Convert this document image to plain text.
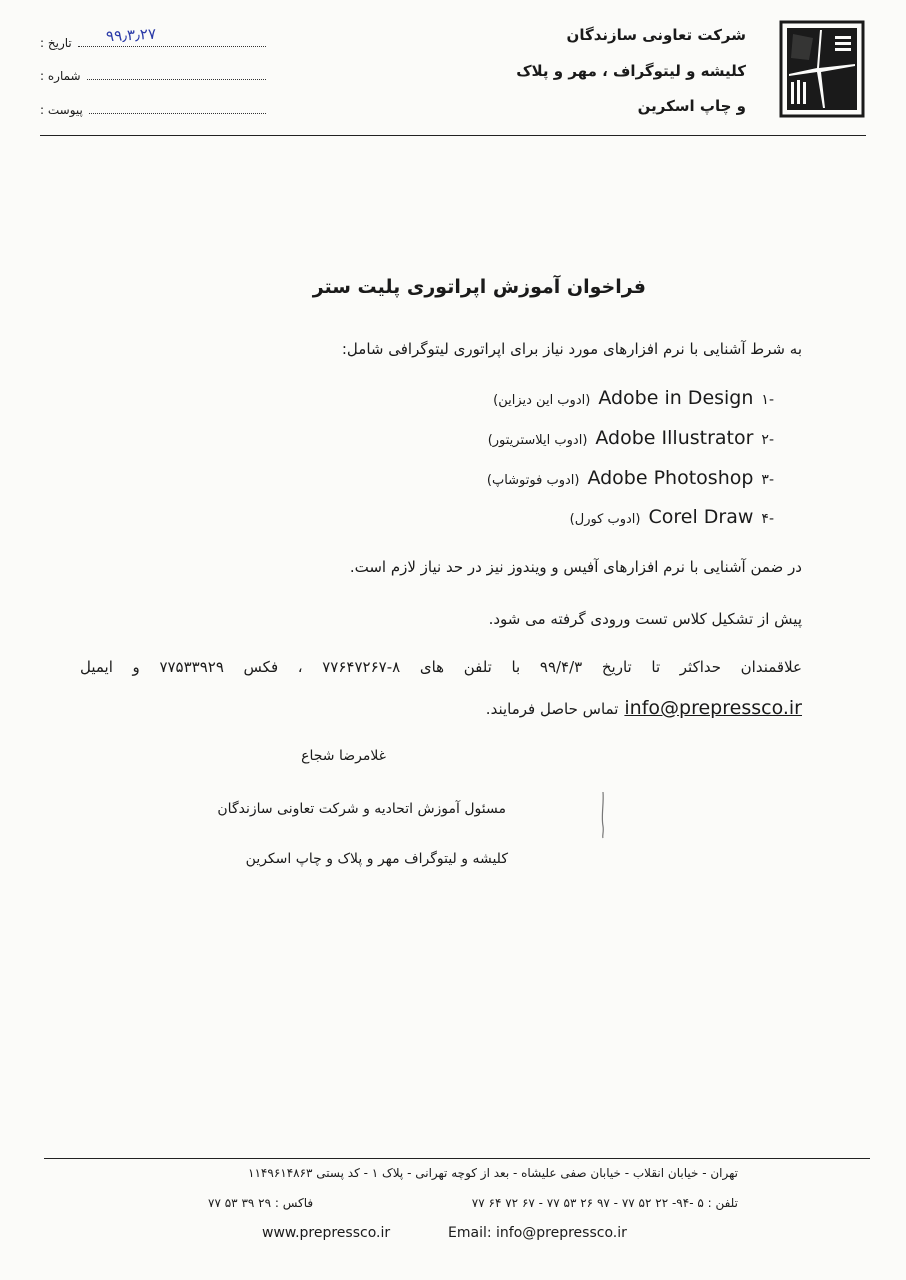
شرکت تعاونی سازندگان
کلیشه و لیتوگراف ، مهر و پلاک
و چاپ اسکرین
تاریخ : ۹۹٫۳٫۲۷
شماره :
پیوست :
فراخوان آموزش اپراتوری پلیت ستر
به شرط آشنایی با نرم افزارهای مورد نیاز برای اپراتوری لیتوگرافی شامل:
۱-
Adobe in Design
(ادوب این دیزاین)
۲-
Adobe Illustrator
(ادوب ایلاستریتور)
۳-
Adobe Photoshop
(ادوب فوتوشاپ)
۴-
Corel Draw
(ادوب کورل)
در ضمن آشنایی با نرم افزارهای آفیس و ویندوز نیز در حد نیاز لازم است.
پیش از تشکیل کلاس تست ورودی گرفته می شود.
علاقمندان حداکثر تا تاریخ ۹۹/۴/۳ با تلفن های ۸-۷۷۶۴۷۲۶۷ ، فکس ۷۷۵۳۳۹۲۹ و ایمیل
info@prepressco.ir
تماس حاصل فرمایند.
غلامرضا شجاع
مسئول آموزش اتحادیه و شرکت تعاونی سازندگان
کلیشه و لیتوگراف مهر و پلاک و چاپ اسکرین
تهران - خیابان انقلاب - خیابان صفی علیشاه - بعد از کوچه تهرانی - پلاک ۱ - کد پستی ۱۱۴۹۶۱۴۸۶۳
تلفن : ۵ -۹۴- ۲۲ ۵۲ ۷۷ - ۹۷ ۲۶ ۵۳ ۷۷ - ۶۷ ۷۲ ۶۴ ۷۷
فاکس : ۲۹ ۳۹ ۵۳ ۷۷
www.prepressco.ir	Email: info@prepressco.ir
